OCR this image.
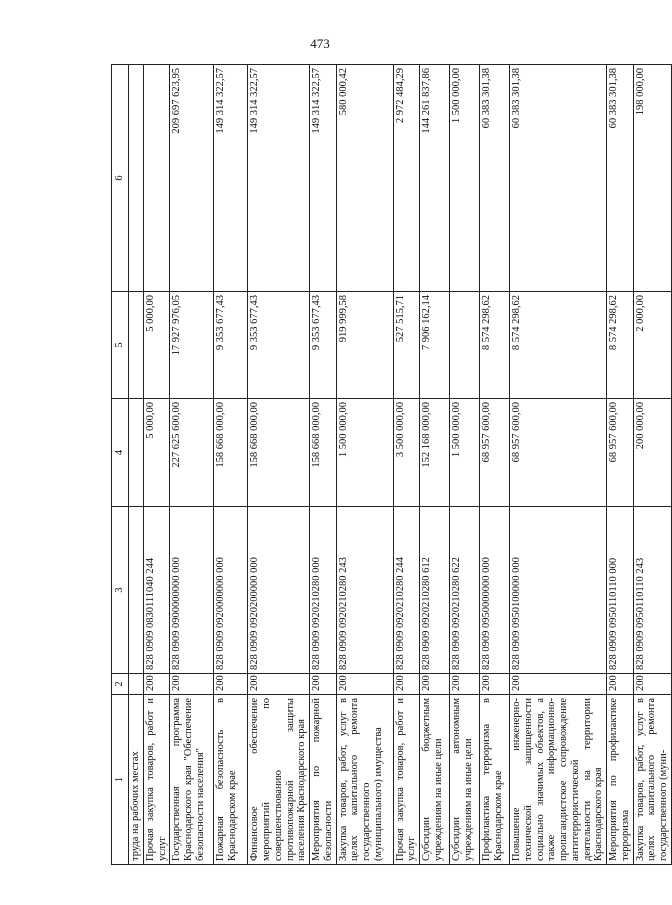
473
1	2	3	4	5	6
труда на рабочих местах					
Прочая закупка товаров, работ и услуг	200	828 0909 0830111040 244	5 000,00	5 000,00	
Государственная программа Краснодарского края "Обеспечение безопасности населения"	200	828 0909 0900000000 000	227 625 600,00	17 927 976,05	209 697 623,95
Пожарная безопасность в Краснодарском крае	200	828 0909 0920000000 000	158 668 000,00	9 353 677,43	149 314 322,57
Финансовое обеспечение мероприятий по совершенствованию противопожарной защиты населения Краснодарского края	200	828 0909 0920200000 000	158 668 000,00	9 353 677,43	149 314 322,57
Мероприятия по пожарной безопасности	200	828 0909 0920210280 000	158 668 000,00	9 353 677,43	149 314 322,57
Закупка товаров, работ, услуг в целях капитального ремонта государственного (муниципального) имущества	200	828 0909 0920210280 243	1 500 000,00	919 999,58	580 000,42
Прочая закупка товаров, работ и услуг	200	828 0909 0920210280 244	3 500 000,00	527 515,71	2 972 484,29
Субсидии бюджетным учреждениям на иные цели	200	828 0909 0920210280 612	152 168 000,00	7 906 162,14	144 261 837,86
Субсидии автономным учреждениям на иные цели	200	828 0909 0920210280 622	1 500 000,00		1 500 000,00
Профилактика терроризма в Краснодарском крае	200	828 0909 0950000000 000	68 957 600,00	8 574 298,62	60 383 301,38
Повышение инженерно-технической защищенности социально значимых объектов, а также информационно-пропагандистское сопровождение антитеррористической деятельности на территории Краснодарского края	200	828 0909 0950100000 000	68 957 600,00	8 574 298,62	60 383 301,38
Мероприятия по профилактике терроризма	200	828 0909 0950110110 000	68 957 600,00	8 574 298,62	60 383 301,38
Закупка товаров, работ, услуг в целях капитального ремонта государственного (муни-	200	828 0909 0950110110 243	200 000,00	2 000,00	198 000,00
